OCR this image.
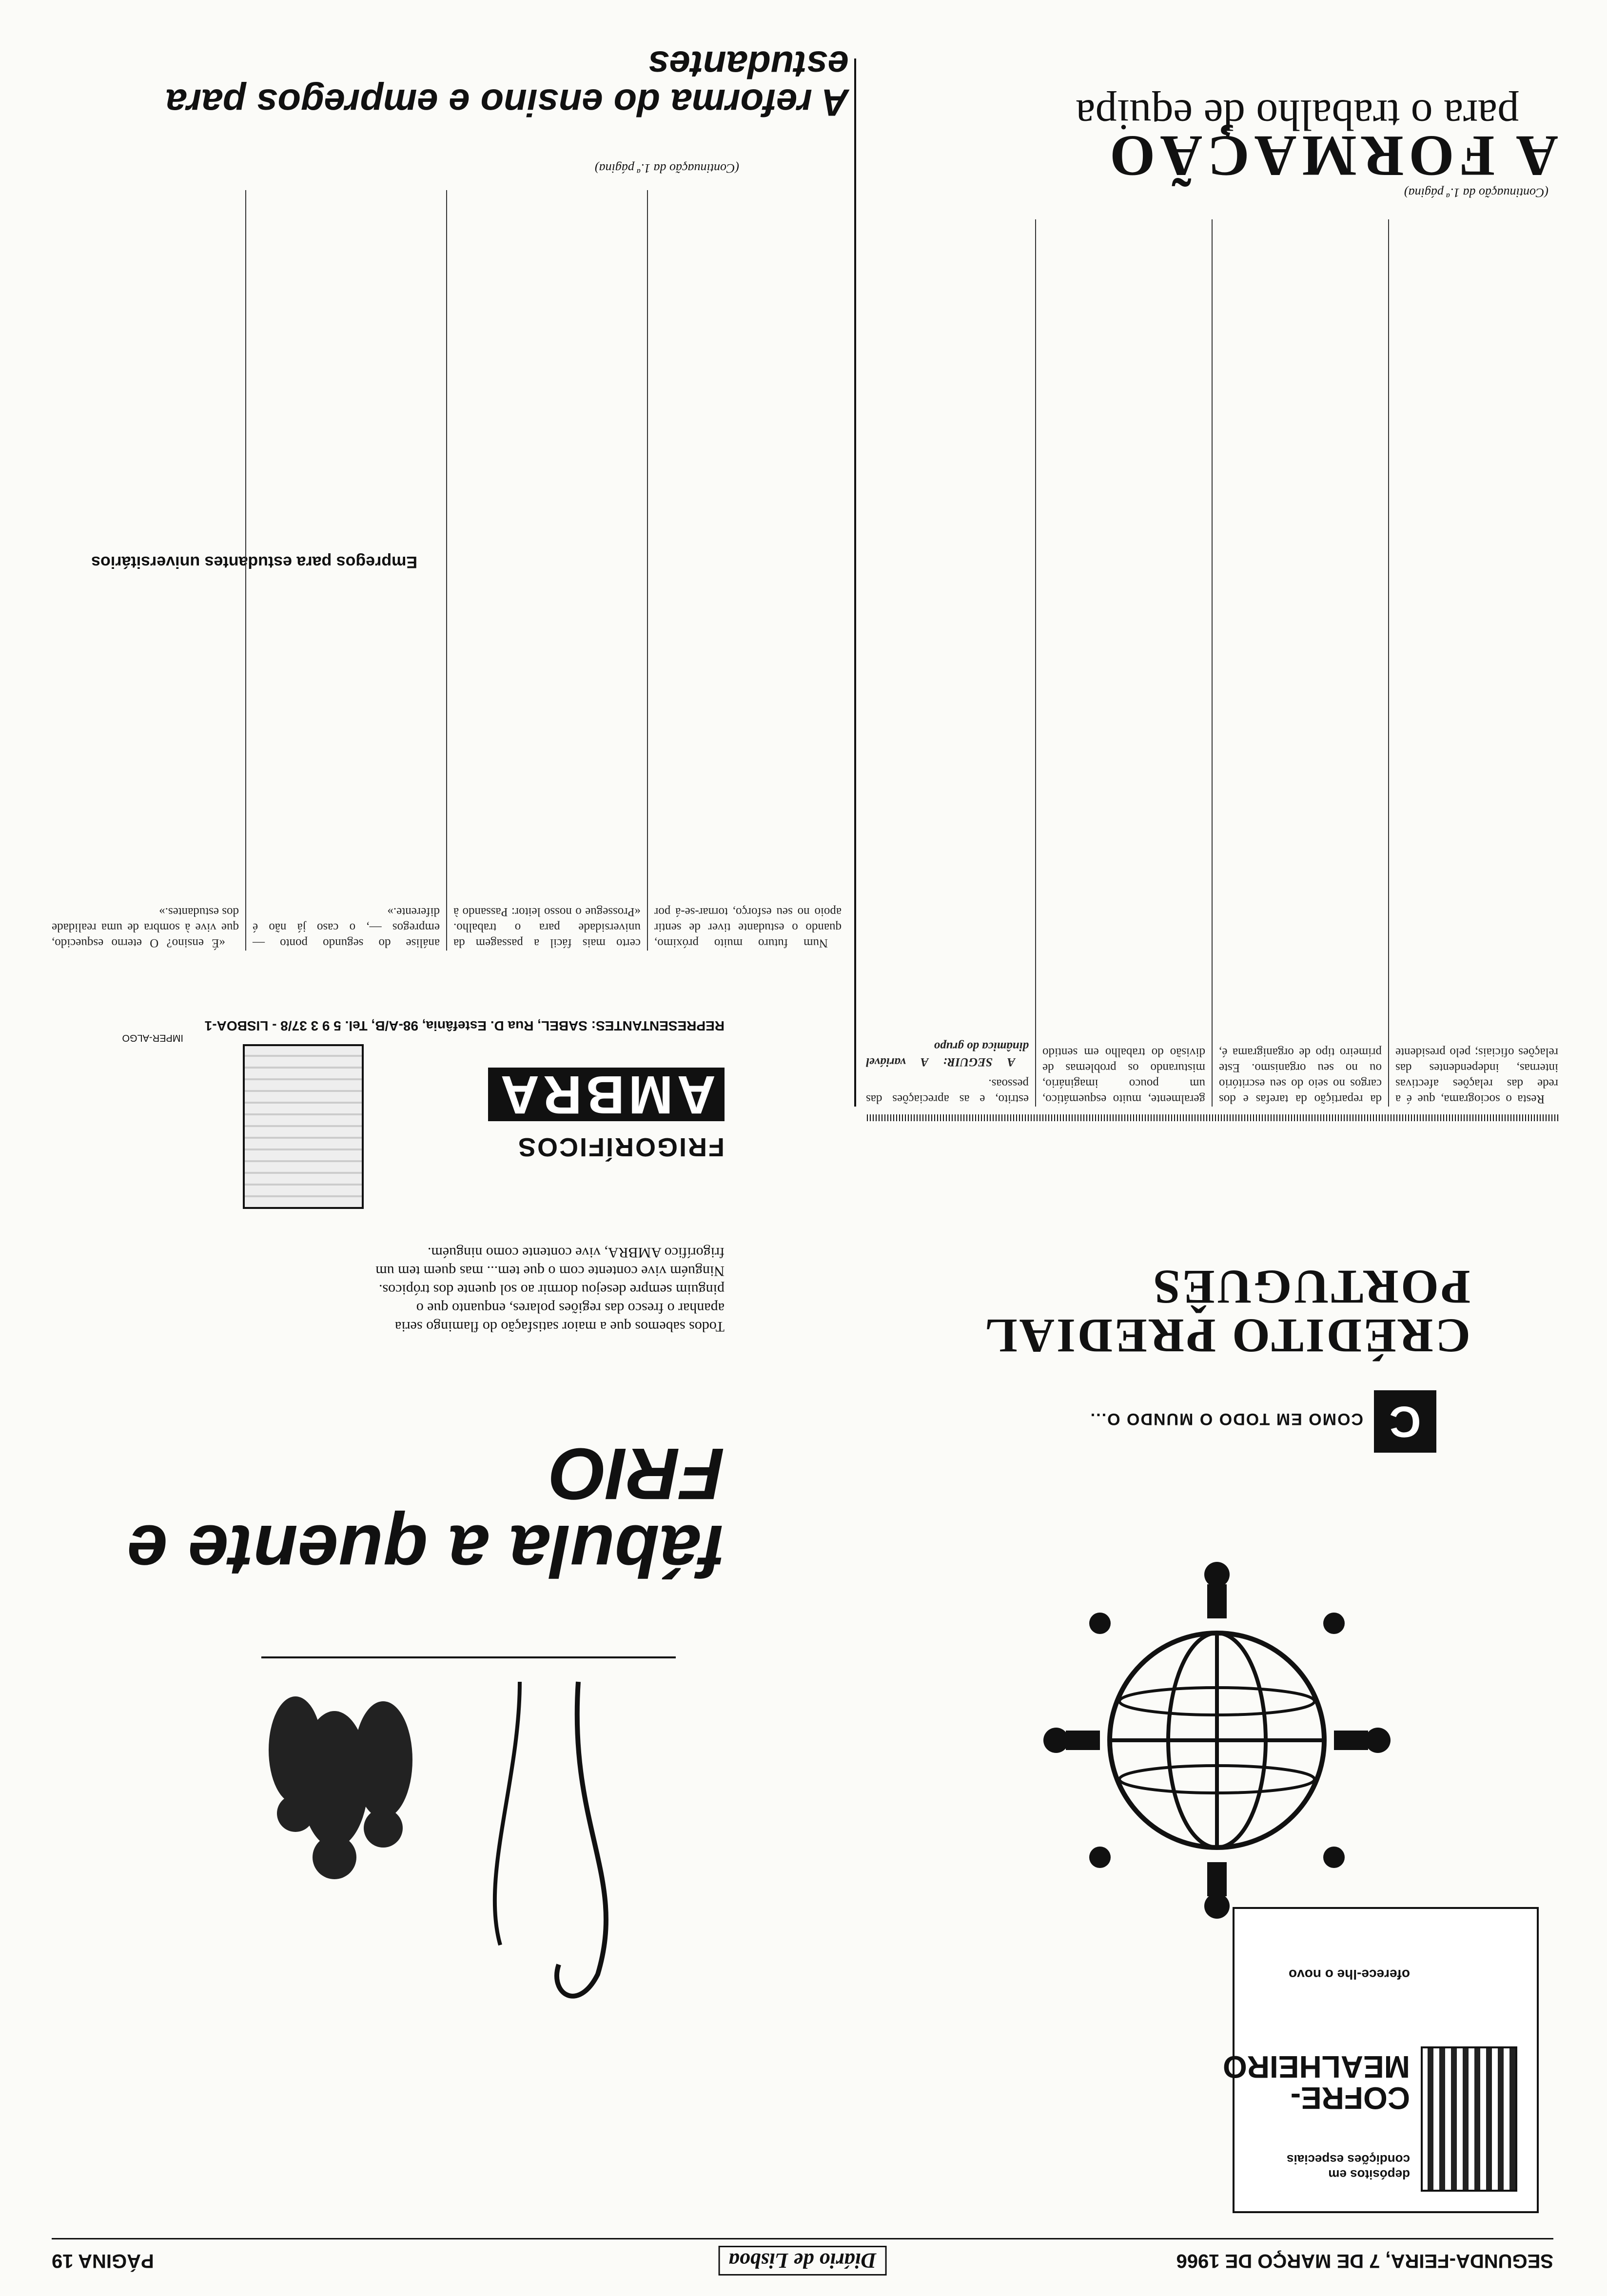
SEGUNDA-FEIRA, 7 DE MARÇO DE 1966
Diário de Lisboa
PÁGINA 19
A FORMAÇÃO
para o trabalho de equipa
(Continuação da 1.ª página)

Resta o sociograma, que é a rede das relações afectivas internas, independentes das relações oficiais; pelo presidente da repartição da tarefas e dos cargos no seio do seu escritório ou no seu organismo. Este primeiro tipo de organigrama é, geralmente, muito esquemático, um pouco imaginário, misturando os problemas de divisão do trabalho em sentido estrito, e as apreciações das pessoas.

A SEGUIR: A variável dinâmica do grupo

A reforma do ensino e empregos para estudantes
(Continuação da 1.ª página)
Empregos para estudantes universitários

Num futuro muito próximo, quando o estudante tiver de sentir apoio no seu esforço, tornar-se-á por certo mais fácil a passagem da universidade para o trabalho. «Prossegue o nosso leitor: Passando à análise do segundo ponto — empregos —, o caso já não é diferente.»

«É ensino? O eterno esquecido, que vive à sombra de uma realidade dos estudantes.»

oferece-lhe o novo
COFRE-MEALHEIRO
depósitos em condições especiais
C
COMO EM TODO O MUNDO O...
CRÉDITO PREDIAL PORTUGUÊS
fábula a quente e FRIO
Todos sabemos que a maior satisfação do flamingo seria apanhar o fresco das regiões polares, enquanto que o pinguim sempre desejou dormir ao sol quente dos trópicos. Ninguém vive contente com o que tem... mas quem tem um frigorífico AMBRA, vive contente como ninguém.
FRIGORÍFICOS
AMBRA
IMPER-ALGO
REPRESENTANTES: SABEL, Rua D. Estefânia, 98-A/B, Tel. 5 9 3 37/8 - LISBOA-1
